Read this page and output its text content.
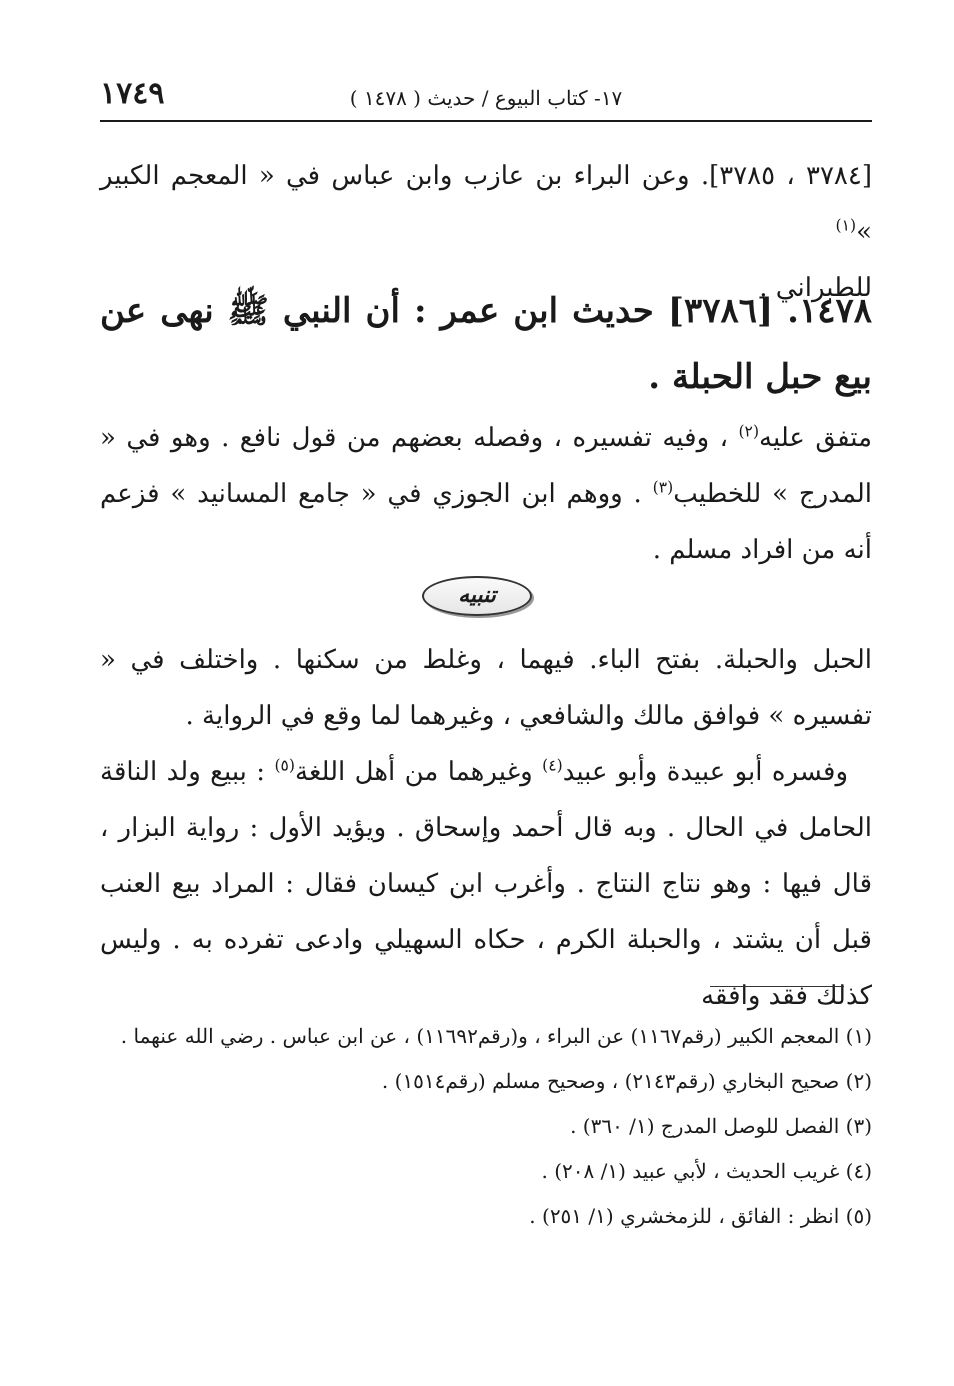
١٧٤٩	١٧- كتاب البيوع / حديث ( ١٤٧٨ )
[٣٧٨٤ ، ٣٧٨٥]. وعن البراء بن عازب وابن عباس في « المعجم الكبير »$^{(١)}$
للطبراني .
١٤٧٨. [٣٧٨٦] حديث ابن عمر : أن النبي ﷺ نهى عن بيع حبل الحبلة .
متفق عليه$^{(٢)}$ ، وفيه تفسيره ، وفصله بعضهم من قول نافع . وهو في « المدرج » للخطيب$^{(٣)}$ . ووهم ابن الجوزي في « جامع المسانيد » فزعم أنه من افراد مسلم .
تنبيه
الحبل والحبلة. بفتح الباء. فيهما ، وغلط من سكنها . واختلف في « تفسيره » فوافق مالك والشافعي ، وغيرهما لما وقع في الرواية .
وفسره أبو عبيدة وأبو عبيد$^{(٤)}$ وغيرهما من أهل اللغة$^{(٥)}$ : ببيع ولد الناقة الحامل في الحال . وبه قال أحمد وإسحاق . ويؤيد الأول : رواية البزار ، قال فيها : وهو نتاج النتاج . وأغرب ابن كيسان فقال : المراد بيع العنب قبل أن يشتد ، والحبلة الكرم ، حكاه السهيلي وادعى تفرده به . وليس كذلك فقد وافقه
(١) المعجم الكبير (رقم١١٦٧) عن البراء ، و(رقم١١٦٩٢) ، عن ابن عباس . رضي الله عنهما .
(٢) صحيح البخاري (رقم٢١٤٣) ، وصحيح مسلم (رقم١٥١٤) .
(٣) الفصل للوصل المدرج (١/ ٣٦٠) .
(٤) غريب الحديث ، لأبي عبيد (١/ ٢٠٨) .
(٥) انظر : الفائق ، للزمخشري (١/ ٢٥١) .
